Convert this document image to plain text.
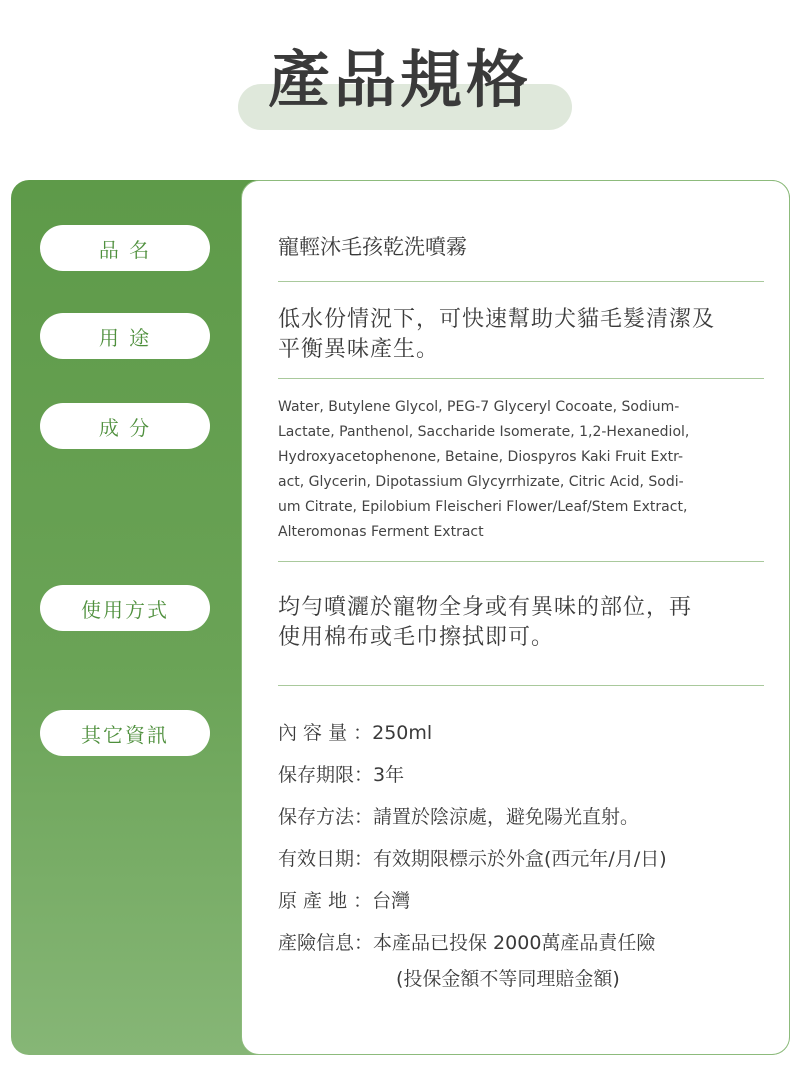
產品規格
品 名
用 途
成 分
使用方式
其它資訊
寵輕沐毛孩乾洗噴霧
低水份情況下，可快速幫助犬貓毛髮清潔及
平衡異味產生。
Water, Butylene Glycol, PEG-7 Glyceryl Cocoate, Sodium-
Lactate, Panthenol, Saccharide Isomerate, 1,2-Hexanediol,
Hydroxyacetophenone, Betaine, Diospyros Kaki Fruit Extr-
act, Glycerin, Dipotassium Glycyrrhizate, Citric Acid, Sodi-
um Citrate, Epilobium Fleischeri Flower/Leaf/Stem Extract,
Alteromonas Ferment Extract
均勻噴灑於寵物全身或有異味的部位，再
使用棉布或毛巾擦拭即可。
內 容 量 ：250ml
保存期限：3年
保存方法：請置於陰涼處，避免陽光直射。
有效日期：有效期限標示於外盒(西元年/月/日)
原 產 地 ：台灣
產險信息：本產品已投保 2000萬產品責任險
(投保金額不等同理賠金額)
